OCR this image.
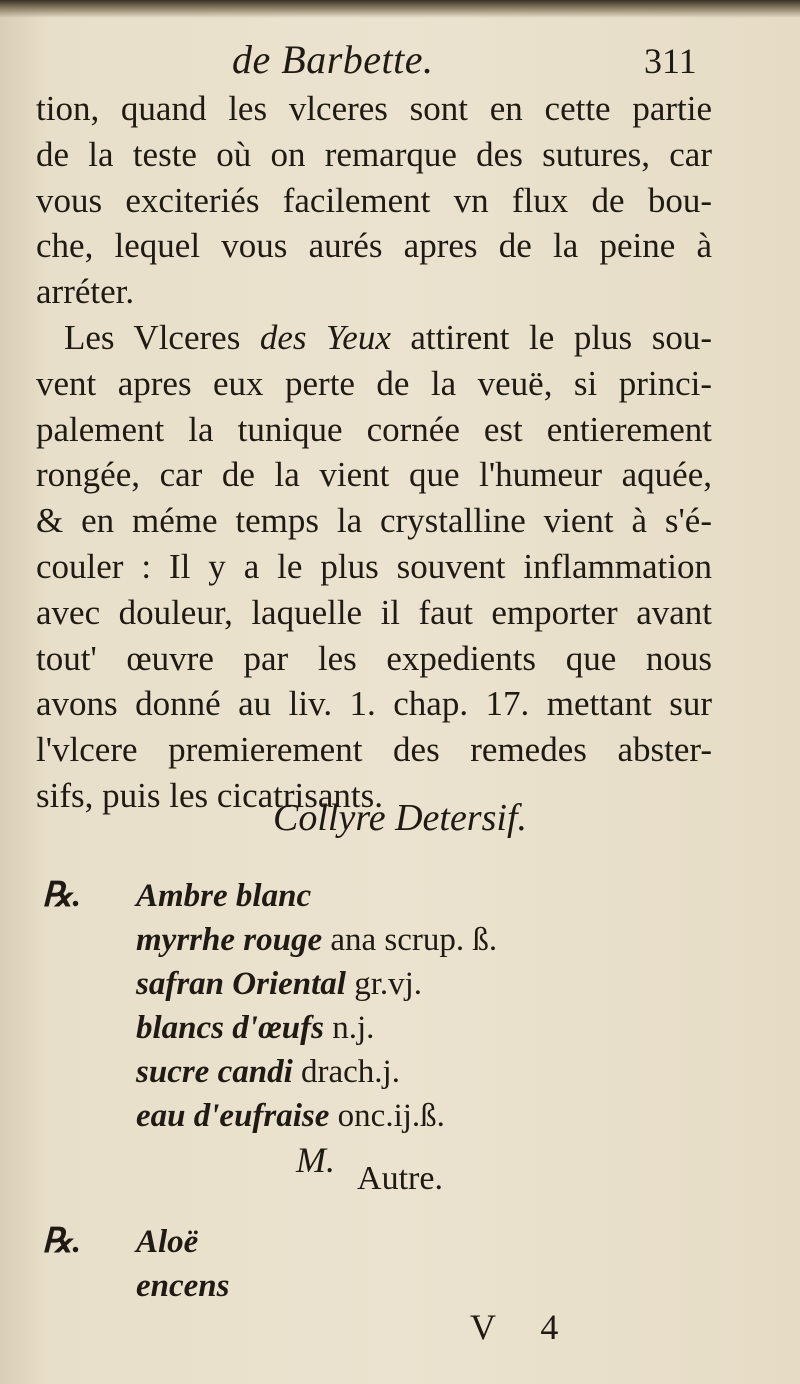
de Barbette.	311
tion, quand les vlceres sont en cette partie
de la teste où on remarque des sutures, car
vous exciteriés facilement vn flux de bou-
che, lequel vous aurés apres de la peine à
arréter.
Les Vlceres des Yeux attirent le plus sou-
vent apres eux perte de la veuë, si princi-
palement la tunique cornée est entierement
rongée, car de la vient que l'humeur aquée,
& en méme temps la crystalline vient à s'é-
couler : Il y a le plus souvent inflammation
avec douleur, laquelle il faut emporter avant
tout' œuvre par les expedients que nous
avons donné au liv. 1. chap. 17. mettant sur
l'vlcere premierement des remedes abster-
sifs, puis les cicatrisants.
Collyre Detersif.
℞.	Ambre blanc
myrrhe rouge ana scrup. ß.
safran Oriental gr.vj.
blancs d'œufs n.j.
sucre candi drach.j.
eau d'eufraise onc.ij.ß.
M. Autre.
℞.	Aloë
encens
V 4
